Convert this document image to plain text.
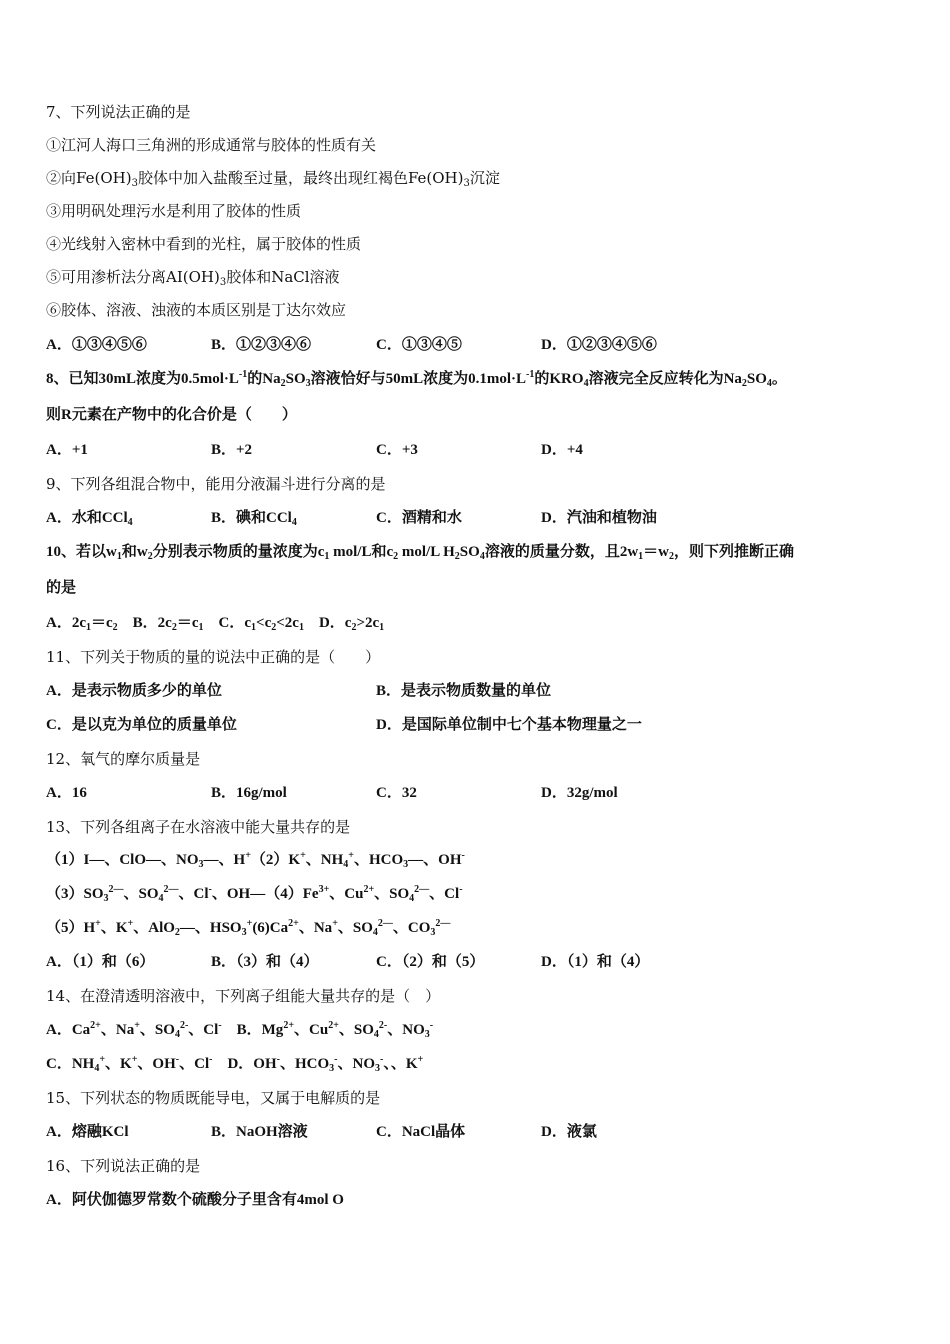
7、下列说法正确的是
①江河人海口三角洲的形成通常与胶体的性质有关
②向$Fe(OH)_3$胶体中加入盐酸至过量，最终出现红褐色$Fe(OH)_3$沉淀
③用明矾处理污水是利用了胶体的性质
④光线射入密林中看到的光柱，属于胶体的性质
⑤可用渗析法分离$AI(OH)_3$胶体和NaCl溶液
⑥胶体、溶液、浊液的本质区别是丁达尔效应
A．①③④⑤⑥	B．①②③④⑥	C．①③④⑤	D．①②③④⑤⑥
8、已知30mL浓度为$0.5mol\cdot L^{-1}$的$Na_2SO_3$溶液恰好与50mL浓度为$0.1mol\cdot L^{-1}$的$KRO_4$溶液完全反应转化为$Na_2SO_4$。
则R元素在产物中的化合价是（　　）
A．+1	B．+2	C．+3	D．+4
9、下列各组混合物中，能用分液漏斗进行分离的是
A．水和CCl$_4$	B．碘和CCl$_4$	C．酒精和水	D．汽油和植物油
10、若以$w_1$和$w_2$分别表示物质的量浓度为$c_1$ mol/L和$c_2$ mol/L $H_2SO_4$溶液的质量分数，且$2w_1=w_2$，则下列推断正确
的是
A．$2c_1=c_2$　B．$2c_2=c_1$　C．$c_1<c_2<2c_1$　D．$c_2>2c_1$
11、下列关于物质的量的说法中正确的是（　　）
A．是表示物质多少的单位	B．是表示物质数量的单位
C．是以克为单位的质量单位	D．是国际单位制中七个基本物理量之一
12、氧气的摩尔质量是
A．16	B．16g/mol	C．32	D．32g/mol
13、下列各组离子在水溶液中能大量共存的是
（1）I—、ClO—、$NO_3—$、H+（2）K+、$NH_4^+$、$HCO_3—$、OH-
$(3)SO_3^{2—}$、$SO_4^{2—}$、Cl-、$OH—(4)Fe^{3+}$、$Cu^{2+}$、$SO_4^{2—}$、Cl-
（5）H+、K+、AlO$_2$—、$HSO_3^+(6)Ca^{2+}$、Na+、$SO_4^{2—}$、$CO_3^{2—}$
A．（1）和（6）	B．（3）和（4）	C．（2）和（5）	D．（1）和（4）
14、在澄清透明溶液中，下列离子组能大量共存的是（　）
A．$Ca^{2+}$、Na+、$SO_4^{2-}$、Cl-　B．$Mg^{2+}$、$Cu^{2+}$、$SO_4^{2-}$、$NO_3^-$
C．$NH_4^+$、K+、OH-、Cl-　D．OH-、$HCO_3^-$、$NO_3^-$、、K+
15、下列状态的物质既能导电，又属于电解质的是
A．熔融KCl	B．NaOH溶液	C．NaCl晶体	D．液氯
16、下列说法正确的是
A．阿伏伽德罗常数个硫酸分子里含有4mol O
